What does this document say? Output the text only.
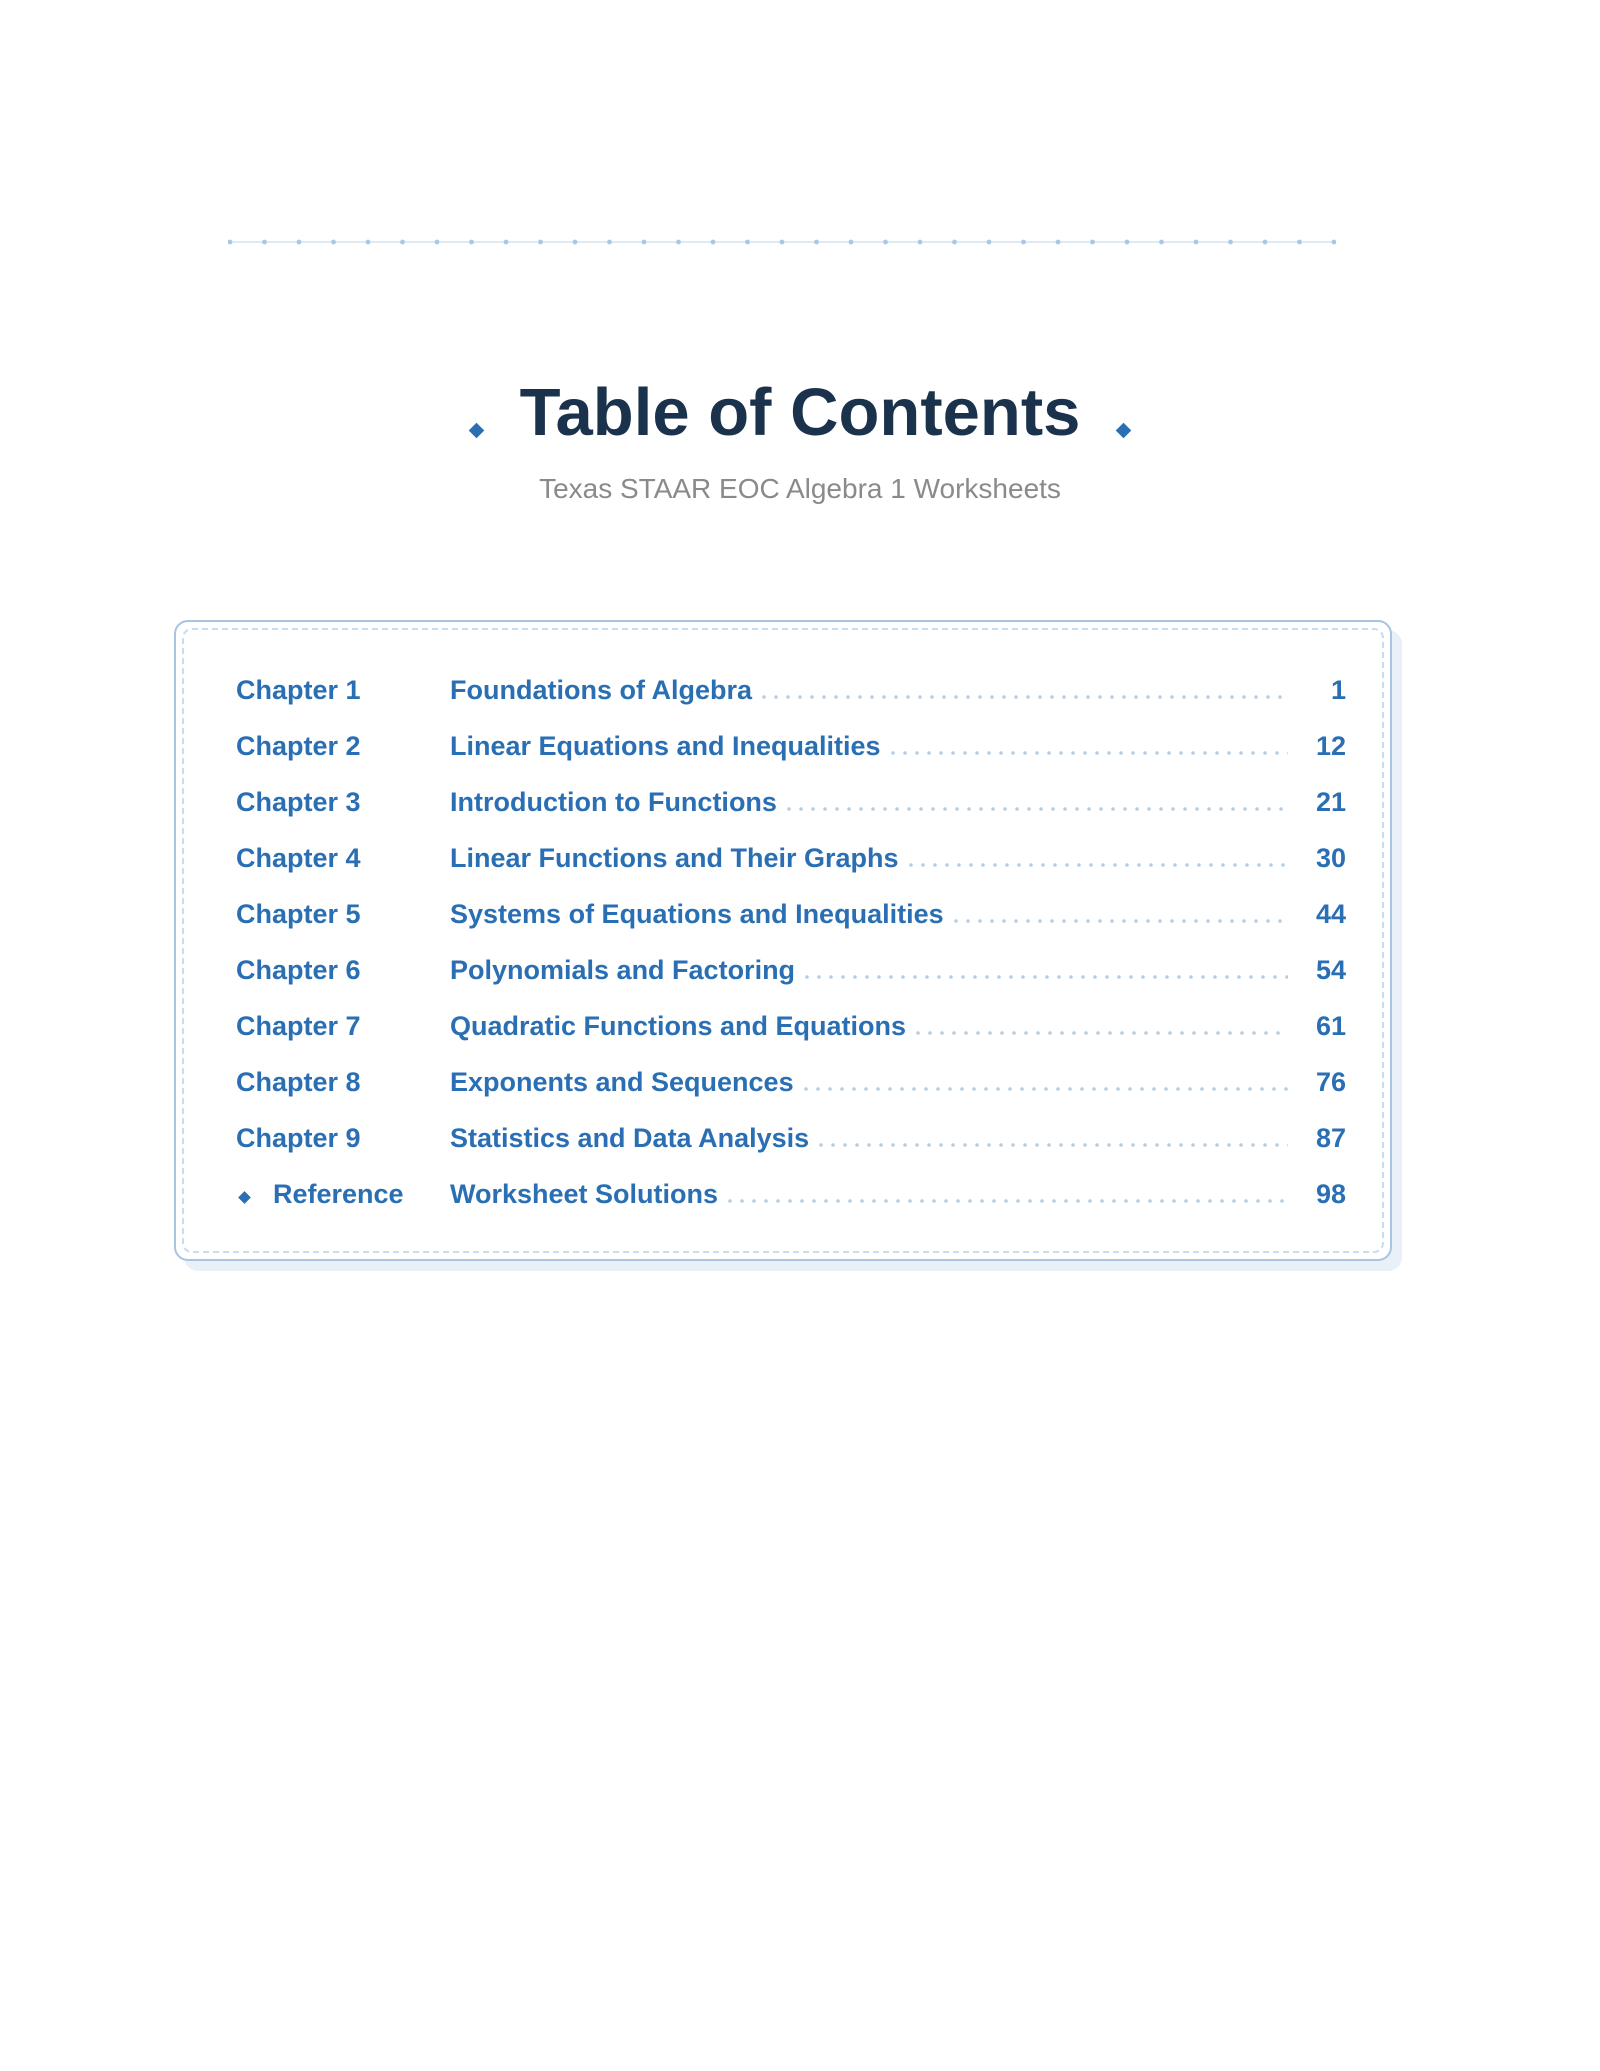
Table of Contents
Texas STAAR EOC Algebra 1 Worksheets
Chapter 1	Foundations of Algebra	1
Chapter 2	Linear Equations and Inequalities	12
Chapter 3	Introduction to Functions	21
Chapter 4	Linear Functions and Their Graphs	30
Chapter 5	Systems of Equations and Inequalities	44
Chapter 6	Polynomials and Factoring	54
Chapter 7	Quadratic Functions and Equations	61
Chapter 8	Exponents and Sequences	76
Chapter 9	Statistics and Data Analysis	87
Reference Worksheet Solutions	98
